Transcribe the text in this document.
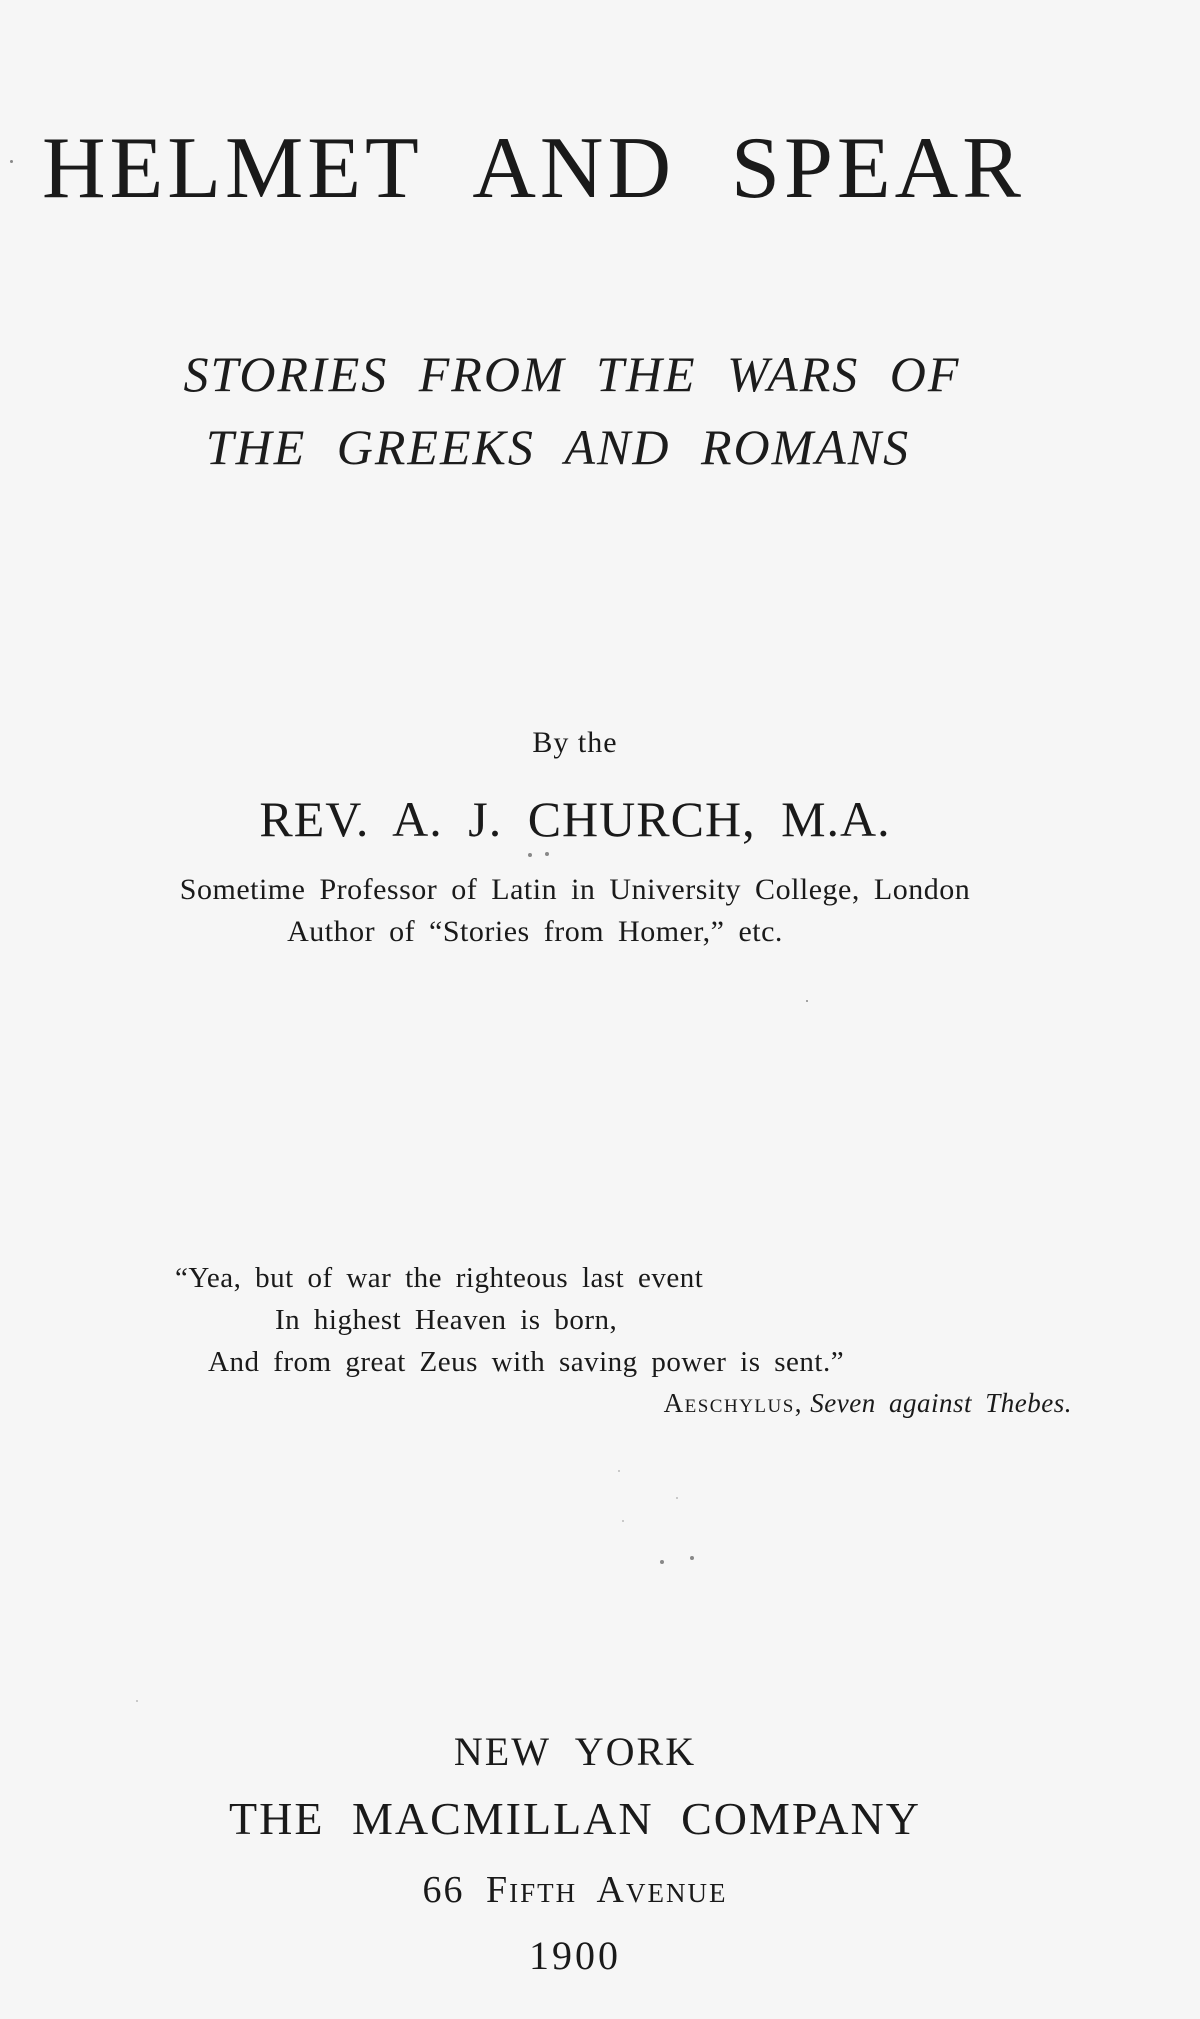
HELMET AND SPEAR
STORIES FROM THE WARS OF
THE GREEKS AND ROMANS
By the
REV. A. J. CHURCH, M.A.
Sometime Professor of Latin in University College, London
Author of “Stories from Homer,” etc.
“Yea, but of war the righteous last event
In highest Heaven is born,
And from great Zeus with saving power is sent.”
Aeschylus, Seven against Thebes.
NEW YORK
THE MACMILLAN COMPANY
66 Fifth Avenue
1900
